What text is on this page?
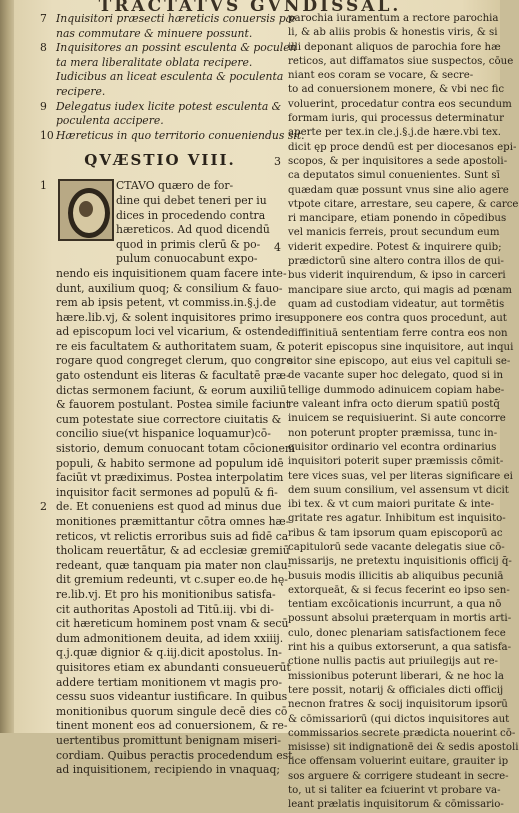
TRACTATVS GVNDISSAL.
7 Inquisitori præsecti hæreticis conuersis pæ
nas commutare & minuere possunt.
8 Inquisitores an possint esculenta & poculen
ta mera liberalitate oblata recipere.
Iudicibus an liceat esculenta & poculenta
recipere.
9 Delegatus iudex licite potest esculenta &
poculenta accipere.
10 Hæreticus in quo territorio conueniendus sit.
QVÆSTIO VIII.
1	CTAVO quæro de for-
dine qui debet teneri per iu
dices in procedendo contra
hæreticos. Ad quod dicendū
quod in primis clerū & po-
pulum conuocabunt expo-
nendo eis inquisitionem quam facere inte-
dunt, auxilium quoq; & consilium & fauo-
rem ab ipsis petent, vt commiss.in.§.j.de
hære.lib.vj, & solent inquisitores primo ire
ad episcopum loci vel vicarium, & ostende
re eis facultatem & authoritatem suam, &
rogare quod congreget clerum, quo congre
gato ostendunt eis literas & facultatē præ-
dictas sermonem faciunt, & eorum auxiliū
& fauorem postulant. Postea simile faciunt
cum potestate siue correctore ciuitatis &
concilio siue(vt hispanice loquamur)cō-
sistorio, demum conuocant totam cōcionem
populi, & habito sermone ad populum idē
faciūt vt prædiximus. Postea interpolatim
inquisitor facit sermones ad populū & fi-
2 de. Et conueniens est quod ad minus due
monitiones præmittantur cōtra omnes hæ-
reticos, vt relictis erroribus suis ad fidē ca
tholicam reuertātur, & ad ecclesiæ gremiū
redeant, quæ tanquam pia mater non clau-
dit gremium redeunti, vt c.super eo.de hę-
re.lib.vj. Et pro his monitionibus satisfa-
cit authoritas Apostoli ad Titū.iij. vbi di-
cit hæreticum hominem post vnam & secū
dum admonitionem deuita, ad idem xxiiij.
q.j.quæ dignior & q.iij.dicit apostolus. In-
quisitores etiam ex abundanti consueuerūt
addere tertiam monitionem vt magis pro-
cessu suos videantur iustificare. In quibus
monitionibus quorum singule decē dies cō
tinent monent eos ad conuersionem, & re-
uertentibus promittunt benignam miseri-
cordiam. Quibus peractis procedendum est
ad inquisitionem, recipiendo in vnaquaq;
3
4
parochia iuramentum a rectore parochia
li, & ab aliis probis & honestis viris, & si
illi deponant aliquos de parochia fore hæ
reticos, aut diffamatos siue suspectos, cōue
niant eos coram se vocare, & secre-
to ad conuersionem monere, & vbi nec fic
voluerint, procedatur contra eos secundum
formam iuris, qui processus determinatur
aperte per tex.in cle.j.§.j.de hære.vbi tex.
dicit ęp proce dendū est per diocesanos epi-
scopos, & per inquisitores a sede apostoli-
ca deputatos simul conuenientes. Sunt sī
quædam quæ possunt vnus sine alio agere
vtpote citare, arrestare, seu capere, & carce
ri mancipare, etiam ponendo in cōpedibus
vel manicis ferreis, prout secundum eum
viderit expedire. Potest & inquirere quib;
prædictorū sine altero contra illos de qui-
bus viderit inquirendum, & ipso in carceri
mancipare siue arcto, qui magis ad pœnam
quam ad custodiam videatur, aut tormētis
supponere eos contra quos procedunt, aut
diffinitiuā sententiam ferre contra eos non
poterit episcopus sine inquisitore, aut inqui
sitor sine episcopo, aut eius vel capituli se-
de vacante super hoc delegato, quod si in
tellige dummodo adinuicem copiam habe-
re valeant infra octo dierum spatiū postq̄
inuicem se requisiuerint. Si aute concorre
non poterunt propter præmissa, tunc in-
quisitor ordinario vel econtra ordinarius
inquisitori poterit super præmissis cōmit-
tere vices suas, vel per literas significare ei
dem suum consilium, vel assensum vt dicit
ibi tex. & vt cum maiori puritate & inte-
gritate res agatur. Inhibitum est inquisito-
ribus & tam ipsorum quam episcoporū ac
capitulorū sede vacante delegatis siue cō-
missarijs, ne pretextu inquisitionis officij q̄-
busuis modis illicitis ab aliquibus pecuniā
extorqueāt, & si fecus fecerint eo ipso sen-
tentiam excōicationis incurrunt, a qua nō
possunt absolui præterquam in mortis arti-
culo, donec plenariam satisfactionem fece
rint his a quibus extorserunt, a qua satisfa-
ctione nullis pactis aut priuilegijs aut re-
missionibus poterunt liberari, & ne hoc la
tere possit, notarij & officiales dicti officij
necnon fratres & socij inquisitorum ipsorū
& cōmissariorū (qui dictos inquisitores aut
commissarios secrete prædicta nouerint cō-
misisse) sit indignationē dei & sedis apostoli
lice offensam voluerint euitare, grauiter ip
sos arguere & corrigere studeant in secre-
to, ut si taliter ea fciuerint vt probare va-
leant prælatis inquisitorum & cōmissario-
